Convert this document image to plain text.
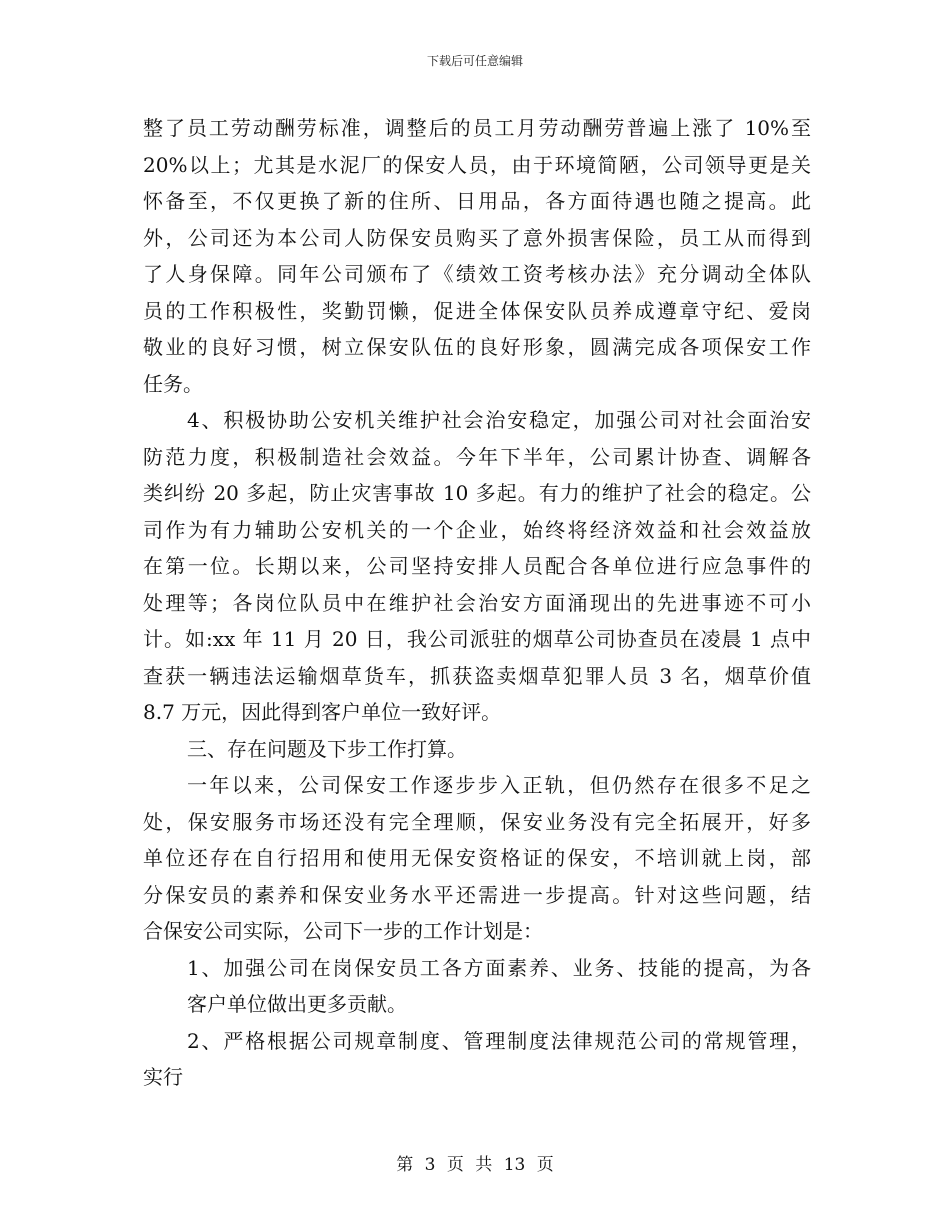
下载后可任意编辑
整了员工劳动酬劳标准，调整后的员工月劳动酬劳普遍上涨了 10%至
20%以上；尤其是水泥厂的保安人员，由于环境简陋，公司领导更是关
怀备至，不仅更换了新的住所、日用品，各方面待遇也随之提高。此
外，公司还为本公司人防保安员购买了意外损害保险，员工从而得到
了人身保障。同年公司颁布了《绩效工资考核办法》充分调动全体队
员的工作积极性，奖勤罚懒，促进全体保安队员养成遵章守纪、爱岗
敬业的良好习惯，树立保安队伍的良好形象，圆满完成各项保安工作
任务。
4、积极协助公安机关维护社会治安稳定，加强公司对社会面治安
防范力度，积极制造社会效益。今年下半年，公司累计协查、调解各
类纠纷 20 多起，防止灾害事故 10 多起。有力的维护了社会的稳定。公
司作为有力辅助公安机关的一个企业，始终将经济效益和社会效益放
在第一位。长期以来，公司坚持安排人员配合各单位进行应急事件的
处理等；各岗位队员中在维护社会治安方面涌现出的先进事迹不可小
计。如:xx 年 11 月 20 日，我公司派驻的烟草公司协查员在凌晨 1 点中
查获一辆违法运输烟草货车，抓获盗卖烟草犯罪人员 3 名，烟草价值
8.7 万元，因此得到客户单位一致好评。
三、存在问题及下步工作打算。
一年以来，公司保安工作逐步步入正轨，但仍然存在很多不足之
处，保安服务市场还没有完全理顺，保安业务没有完全拓展开，好多
单位还存在自行招用和使用无保安资格证的保安，不培训就上岗，部
分保安员的素养和保安业务水平还需进一步提高。针对这些问题，结
合保安公司实际，公司下一步的工作计划是：
1、加强公司在岗保安员工各方面素养、业务、技能的提高，为各
客户单位做出更多贡献。
2、严格根据公司规章制度、管理制度法律规范公司的常规管理，
实行
第 3 页 共 13 页
